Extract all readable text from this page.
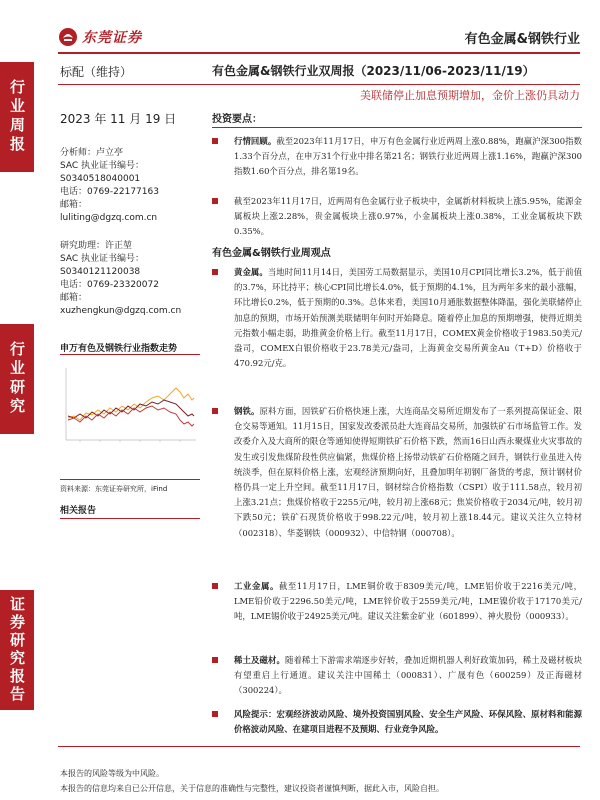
东莞证券	有色金属&钢铁行业
行业周报
行业研究
证券研究报告
标配（维持）	有色金属&钢铁行业双周报（2023/11/06-2023/11/19）
美联储停止加息预期增加，金价上涨仍具动力
2023 年 11 月 19 日
分析师：卢立亭
SAC 执业证书编号：
S0340518040001
电话：0769-22177163
邮箱：
luliting@dgzq.com.cn
研究助理：许正堃
SAC 执业证书编号：
S0340121120038
电话：0769-23320072
邮箱：
xuzhengkun@dgzq.com.cn
申万有色及钢铁行业指数走势
资料来源：东莞证券研究所，iFind
相关报告
投资要点：
行情回顾。截至2023年11月17日，申万有色金属行业近两周上涨0.88%，跑赢沪深300指数1.33个百分点，在申万31个行业中排名第21名；钢铁行业近两周上涨1.16%，跑赢沪深300指数1.60个百分点，排名第19名。
截至2023年11月17日，近两周有色金属行业子板块中，金属新材料板块上涨5.95%，能源金属板块上涨2.28%，贵金属板块上涨0.97%，小金属板块上涨0.38%，工业金属板块下跌0.35%。
有色金属&钢铁行业周观点
黄金属。当地时间11月14日，美国劳工局数据显示，美国10月CPI同比增长3.2%，低于前值的3.7%，环比持平；核心CPI同比增长4.0%，低于预期的4.1%，且为两年多来的最小涨幅，环比增长0.2%，低于预期的0.3%。总体来看，美国10月通胀数据整体降温，强化美联储停止加息的预期，市场开始预测美联储明年何时开始降息。随着停止加息的预期增强，使得近期美元指数小幅走弱，助推黄金价格上行。截至11月17日，COMEX黄金价格收于1983.50美元/盎司，COMEX白银价格收于23.78美元/盎司，上海黄金交易所黄金Au（T+D）价格收于470.92元/克。
钢铁。原料方面，因铁矿石价格快速上涨，大连商品交易所近期发布了一系列提高保证金、限仓交易等通知。11月15日，国家发改委派员赴大连商品交易所，加强铁矿石市场监管工作。发改委介入及大商所的限仓等通知使得短期铁矿石价格下跌，然而16日山西永聚煤业火灾事故的发生或引发焦煤阶段性供应偏紧，焦煤价格上扬带动铁矿石价格随之回升，钢铁行业虽进入传统淡季，但在原料价格上涨，宏观经济预期向好，且叠加明年初钢厂备货的考虑，预计钢材价格仍具一定上升空间。截至11月17日，钢材综合价格指数（CSPI）收于111.58点，较月初上涨3.21点；焦煤价格收于2255元/吨，较月初上涨68元；焦炭价格收于2034元/吨，较月初下跌50元；铁矿石现货价格收于998.22元/吨，较月初上涨18.44元。建议关注久立特材（002318）、华菱钢铁（000932）、中信特钢（000708）。
工业金属。截至11月17日，LME铜价收于8309美元/吨，LME铝价收于2216美元/吨，LME铅价收于2296.50美元/吨，LME锌价收于2559美元/吨，LME镍价收于17170美元/吨，LME锡价收于24925美元/吨。建议关注紫金矿业（601899）、神火股份（000933）。
稀土及磁材。随着稀土下游需求端逐步好转，叠加近期机器人利好政策加码，稀土及磁材板块有望重启上行通道。建议关注中国稀土（000831）、广晟有色（600259）及正海磁材（300224）。
风险提示：宏观经济波动风险、境外投资国别风险、安全生产风险、环保风险、原材料和能源价格波动风险、在建项目进程不及预期、行业竞争风险。
本报告的风险等级为中风险。
本报告的信息均来自已公开信息，关于信息的准确性与完整性，建议投资者谨慎判断，据此入市，风险自担。
